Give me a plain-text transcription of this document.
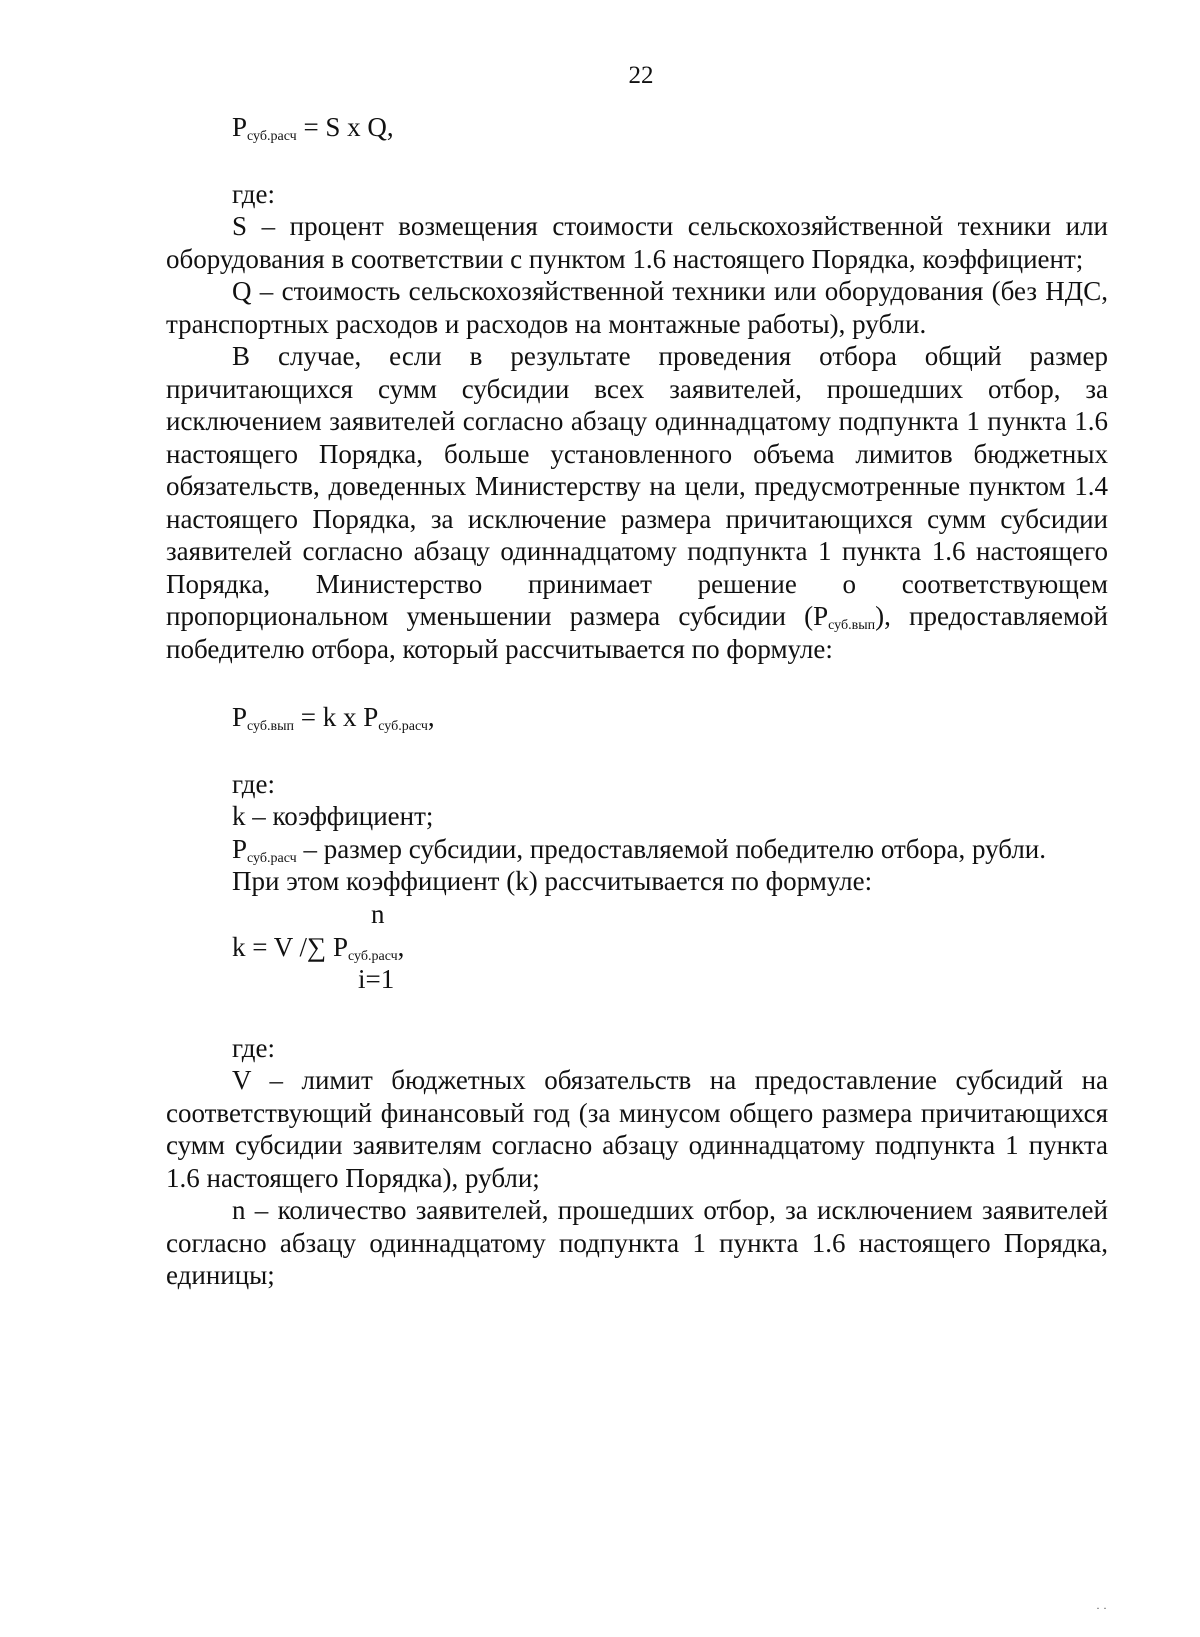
22

$P_{суб.расч} = S$ x Q,

где:

S – процент возмещения стоимости сельскохозяйственной техники или оборудования в соответствии с пунктом 1.6 настоящего Порядка, коэффициент;

Q – стоимость сельскохозяйственной техники или оборудования (без НДС, транспортных расходов и расходов на монтажные работы), рубли.

В случае, если в результате проведения отбора общий размер причитающихся сумм субсидии всех заявителей, прошедших отбор, за исключением заявителей согласно абзацу одиннадцатому подпункта 1 пункта 1.6 настоящего Порядка, больше установленного объема лимитов бюджетных обязательств, доведенных Министерству на цели, предусмотренные пунктом 1.4 настоящего Порядка, за исключение размера причитающихся сумм субсидии заявителей согласно абзацу одиннадцатому подпункта 1 пункта 1.6 настоящего Порядка, Министерство принимает решение о соответствующем пропорциональном уменьшении размера субсидии $(P_{суб.вып})$, предоставляемой победителю отбора, который рассчитывается по формуле:

$P_{суб.вып} = k$ x $P_{суб.расч}$,

где:

k – коэффициент;

$P_{суб.расч}$ – размер субсидии, предоставляемой победителю отбора, рубли.

При этом коэффициент (k) рассчитывается по формуле:

n
k = V /∑ $P_{суб.расч}$,
i=1

где:

V – лимит бюджетных обязательств на предоставление субсидий на соответствующий финансовый год (за минусом общего размера причитающихся сумм субсидии заявителям согласно абзацу одиннадцатому подпункта 1 пункта 1.6 настоящего Порядка), рубли;

n – количество заявителей, прошедших отбор, за исключением заявителей согласно абзацу одиннадцатому подпункта 1 пункта 1.6 настоящего Порядка, единицы;

· ·
